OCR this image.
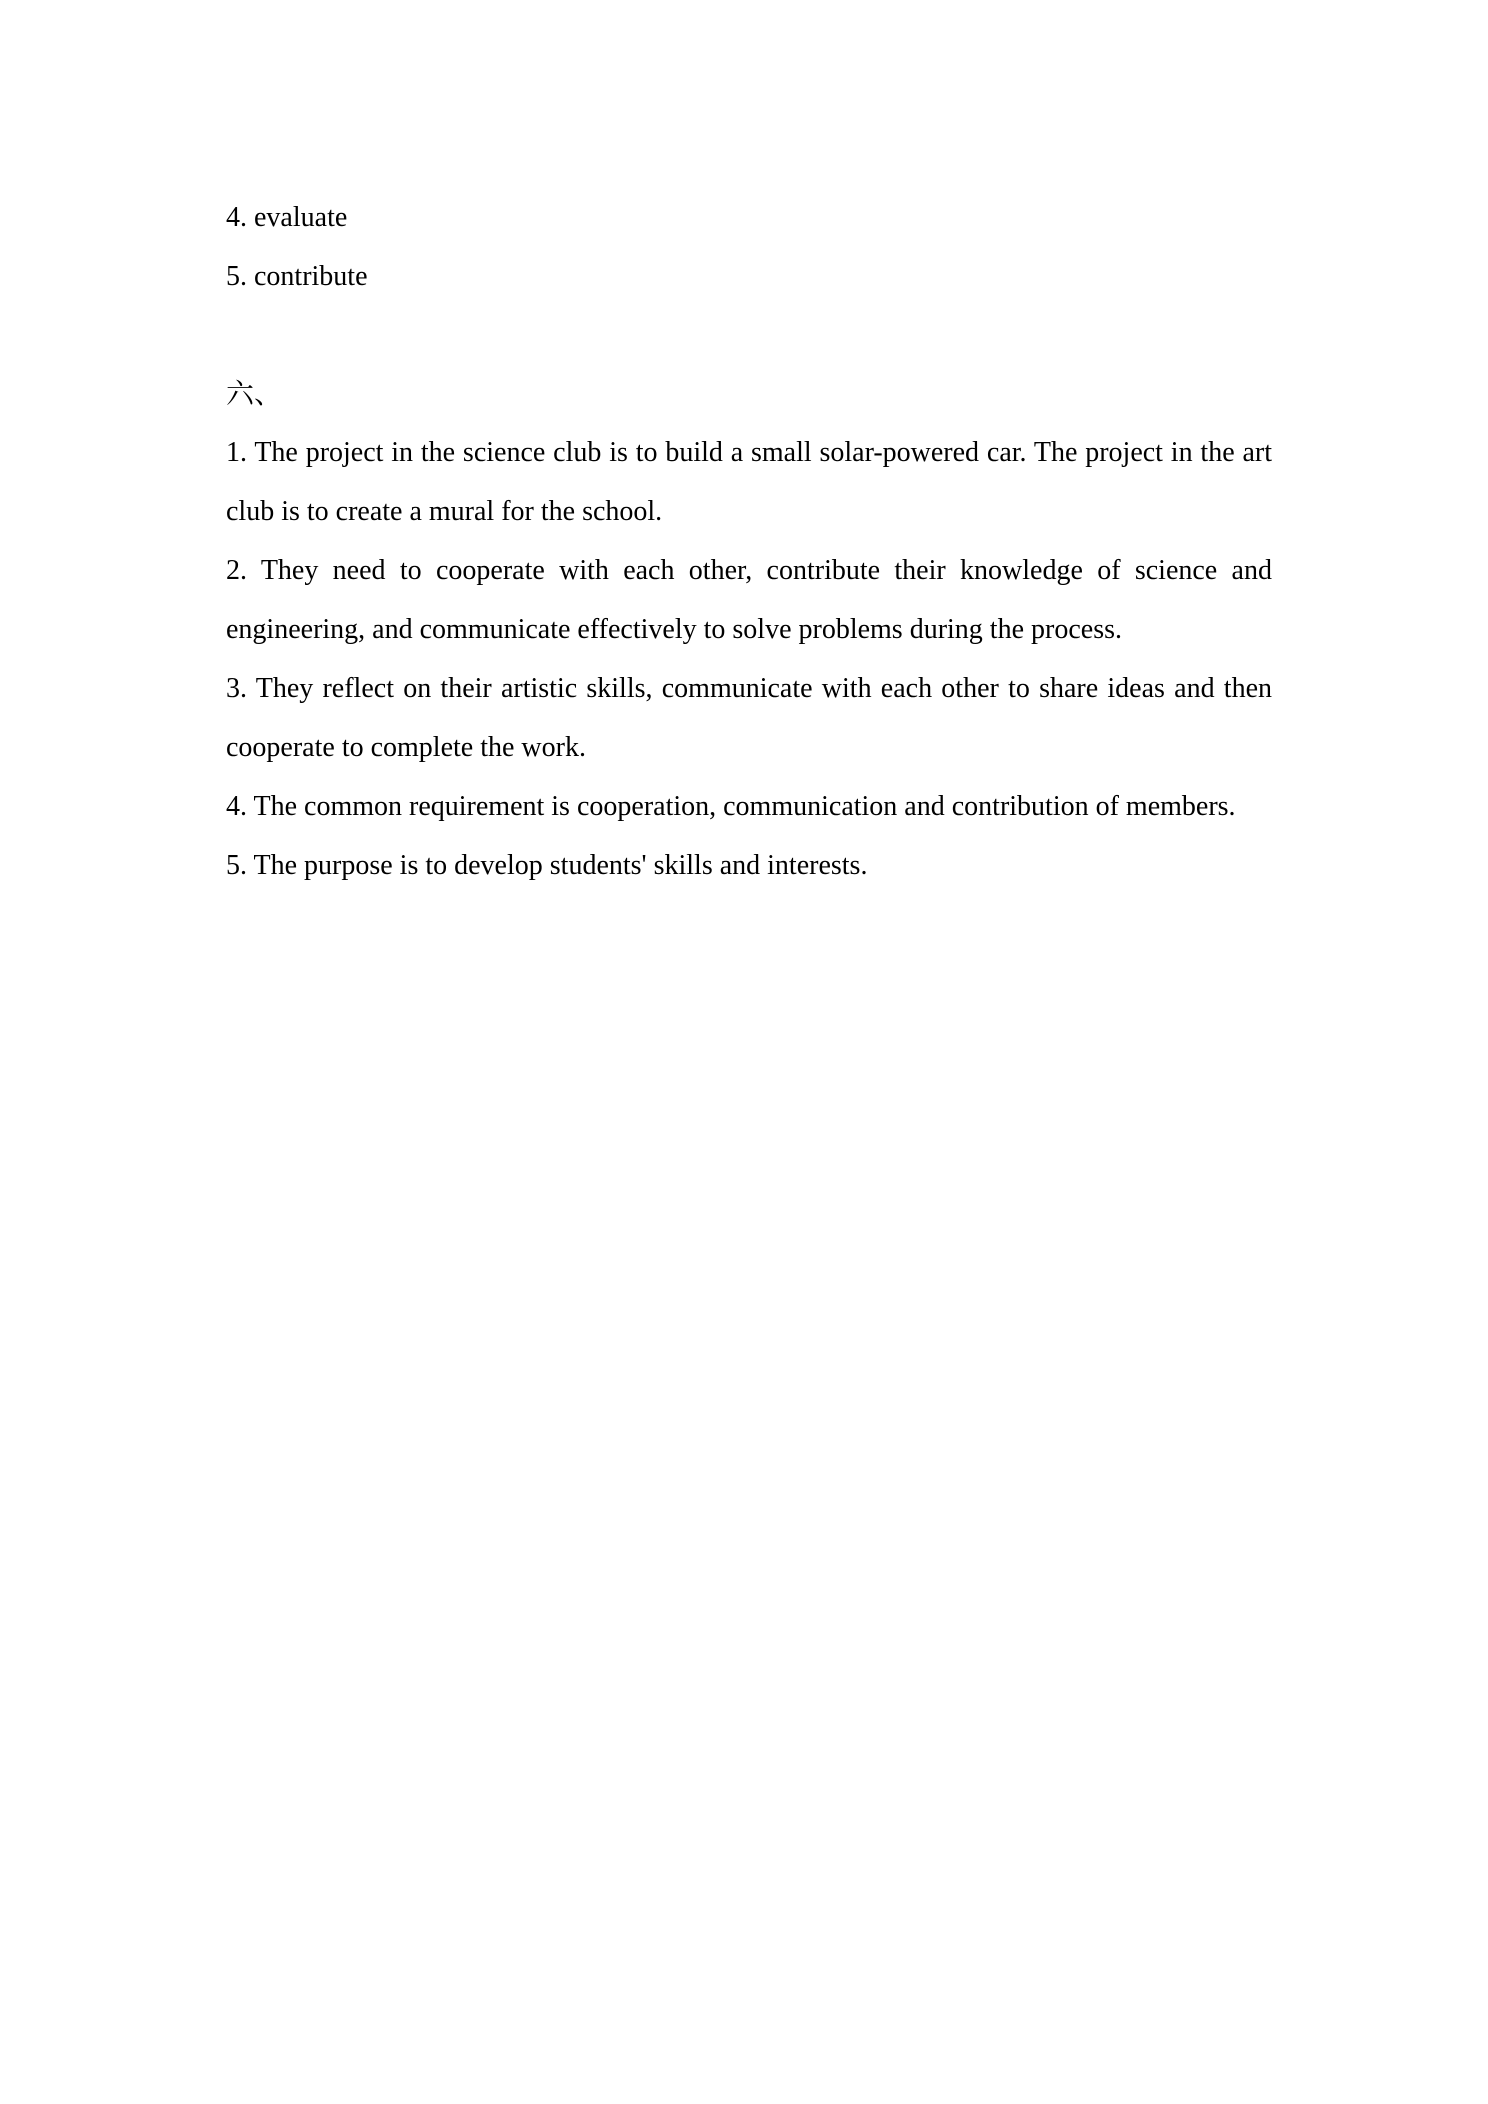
4. evaluate

5. contribute

六、

1. The project in the science club is to build a small solar-powered car. The project in the art club is to create a mural for the school.

2. They need to cooperate with each other, contribute their knowledge of science and engineering, and communicate effectively to solve problems during the process.

3. They reflect on their artistic skills, communicate with each other to share ideas and then cooperate to complete the work.

4. The common requirement is cooperation, communication and contribution of members.

5. The purpose is to develop students' skills and interests.
